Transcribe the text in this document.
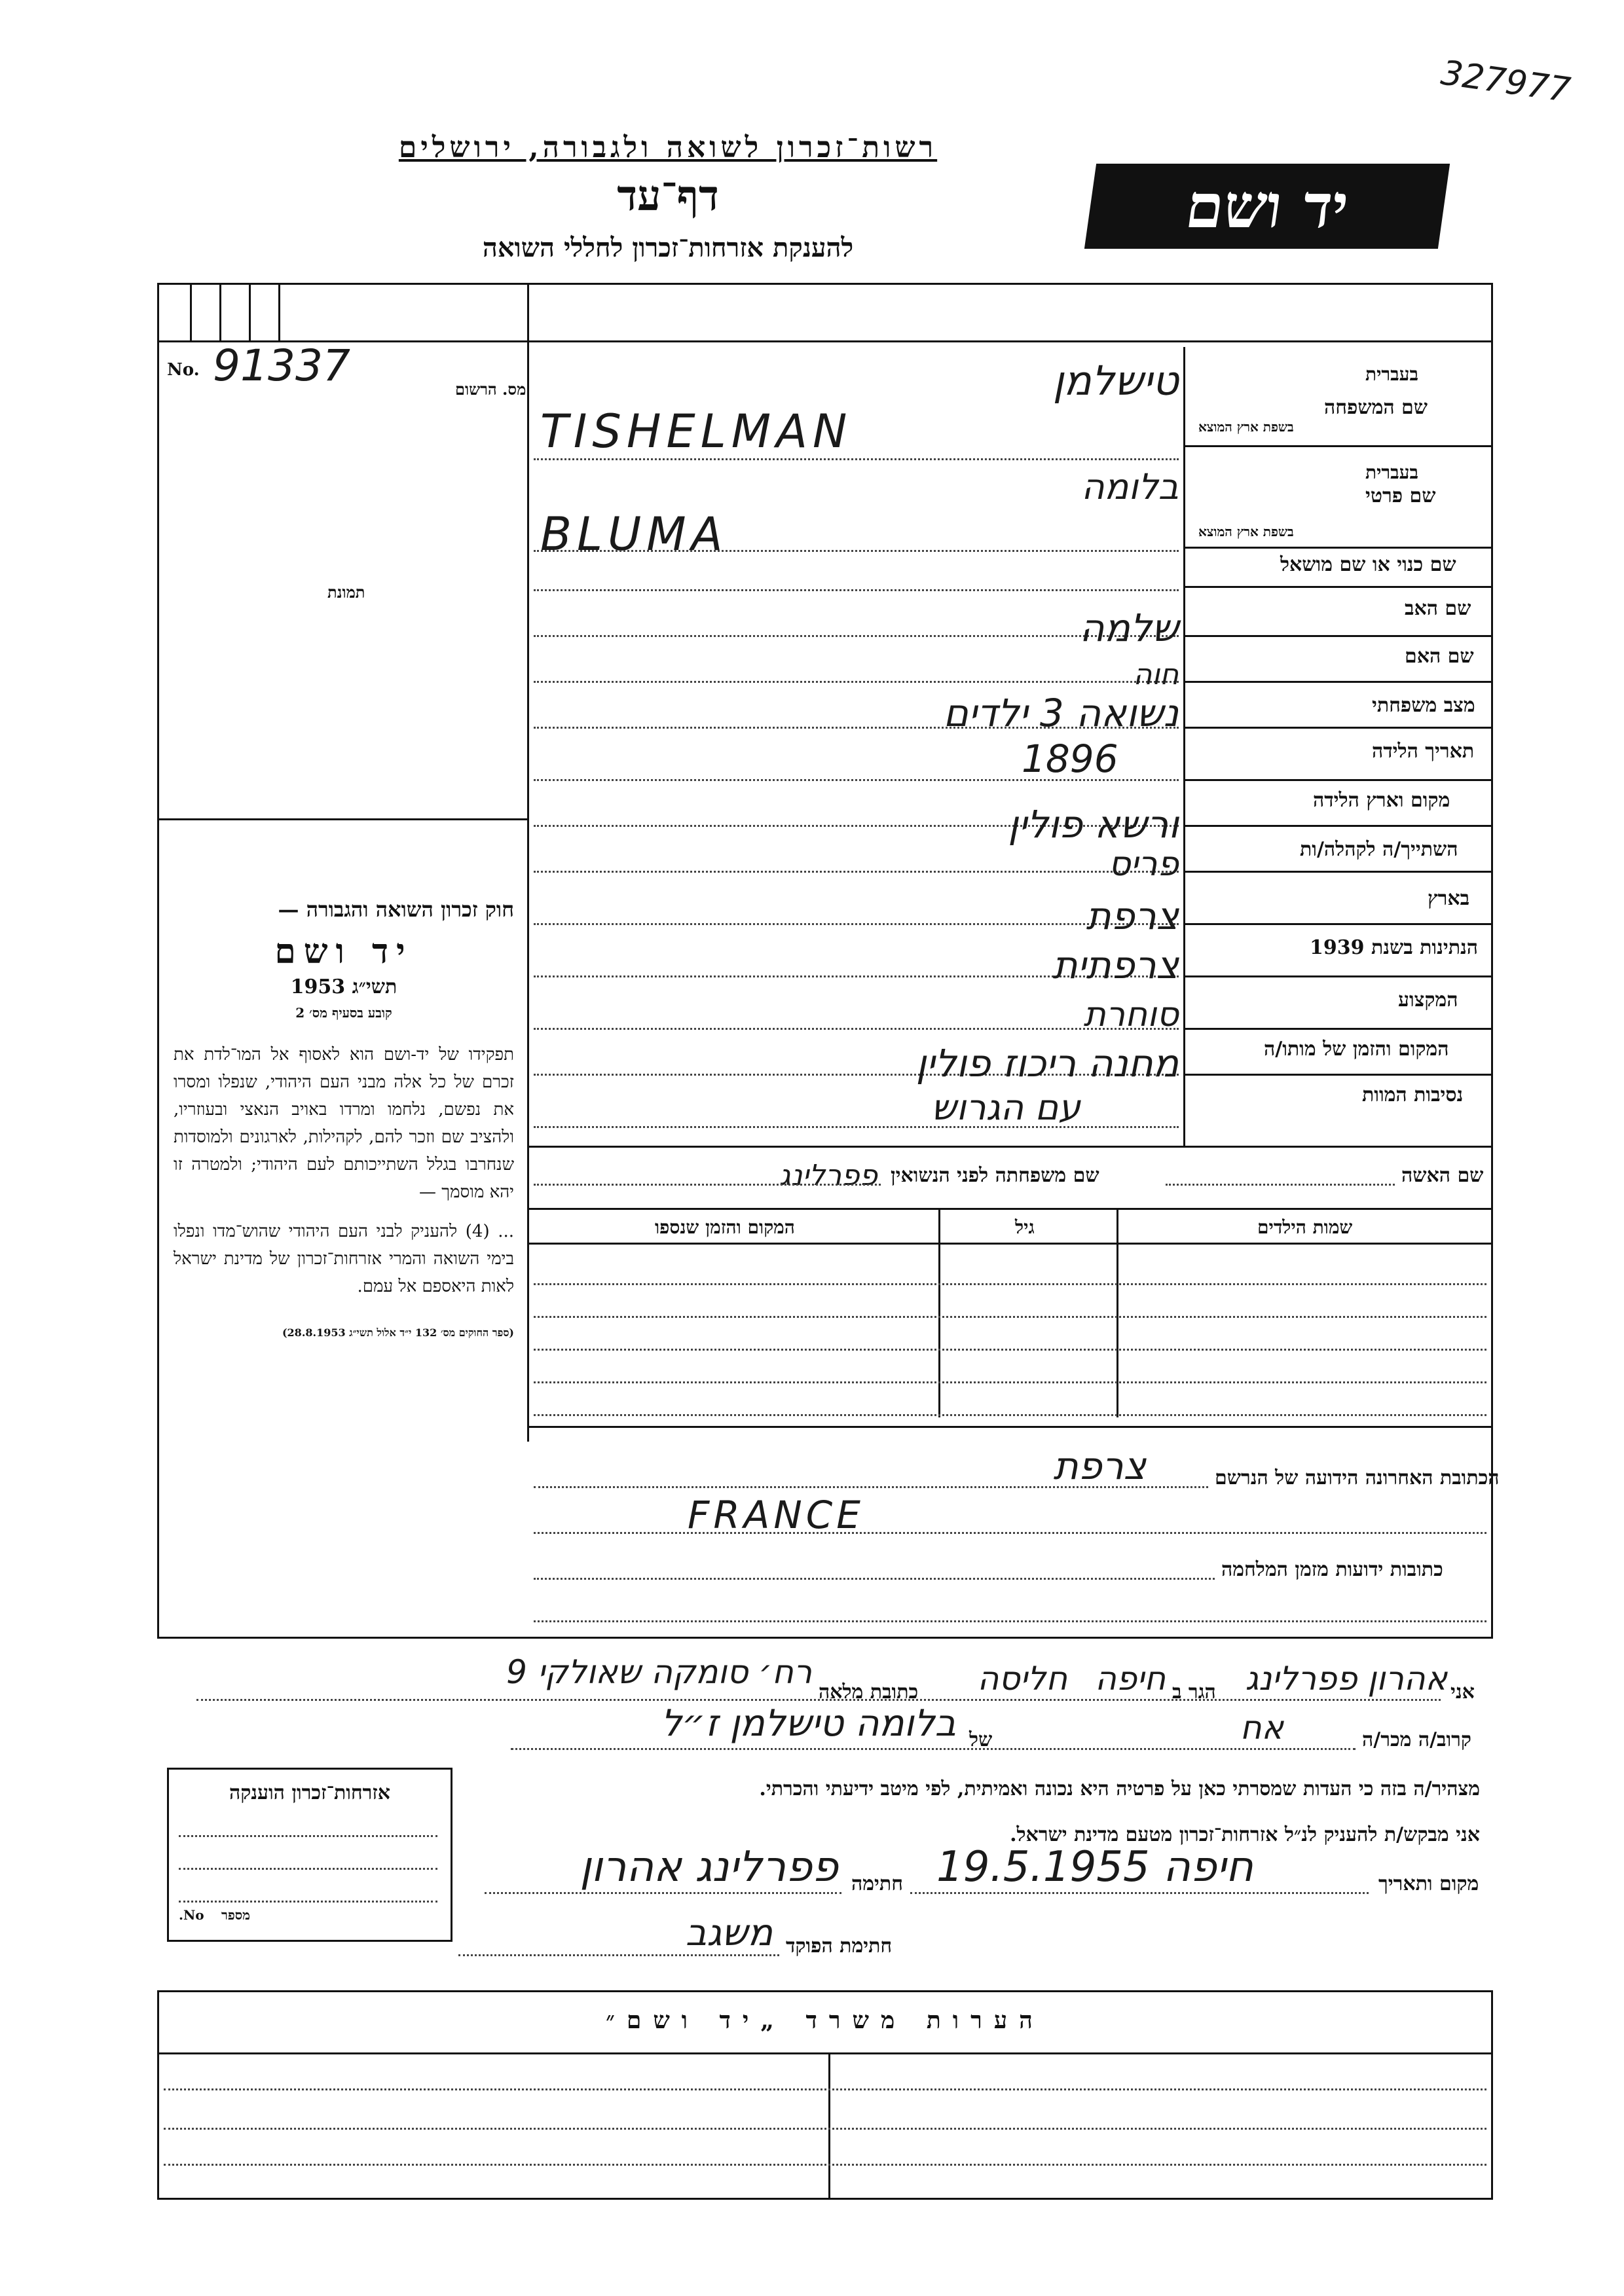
327977
רשות־זכרון לשואה ולגבורה, ירושלים
דף־עד
להענקת אזרחות־זכרון לחללי השואה
יד ושם
No. 91337	מס. הרשום
תמונת
חוק זכרון השואה והגבורה —
יד ושם
תשי״ג 1953
קובע בסעיף מס׳ 2
תפקידו של יד-ושם הוא לאסוף אל המו־לדת את זכרם של כל אלה מבני העם היהודי, שנפלו ומסרו את נפשם, נלחמו ומרדו באויב הנאצי ובעוזריו, ולהציב שם וזכר להם, לקהילות, לארגונים ולמוסדות שנחרבו בגלל השתייכותם לעם היהודי; ולמטרה זו יהא מוסמך —
... (4) להעניק לבני העם היהודי שהוש־מדו ונפלו בימי השואה והמרי אזרחות־זכרון של מדינת ישראל לאות היאספם אל עמם.
(ספר החוקים מס׳ 132 י״ד אלול תשי״ג 28.8.1953)
בעברית
שם המשפחה
בשפת ארץ המוצא
בעברית
שם פרטי
בשפת ארץ המוצא
שם כנוי או שם מושאל
שם האב
שם האם
מצב משפחתי
תאריך הלידה
מקום וארץ הלידה
השתייך/ה לקהלה/ות
בארץ
הנתינות בשנת 1939
המקצוע
המקום והזמן של מותו/ה
נסיבות המוות
טישלמן
TISHELMAN
בלומה
BLUMA
שלמה
חוה
נשואה 3 ילדים
1896
ורשא פולין
פריס
צרפת
צרפתית
סוחרת
מחנה ריכוז פולין
עם הגרוש
שם האשה
שם משפחתה לפני הנשואין
פפרלינג
שמות הילדים
גיל
המקום והזמן שנספו
הכתובת האחרונה הידועה של הנרשם
צרפת
FRANCE
כתובות ידועות מזמן המלחמה
אני
אהרון פפרלינג
הגר ב
חיפה
חליסה
כתובת מלאה
רח׳ סומקה שאולקי 9
קרוב/ה מכר/ה
אח
של
בלומה טישלמן ז״ל
מצהיר/ה בזה כי העדות שמסרתי כאן על פרטיה היא נכונה ואמיתית, לפי מיטב ידיעתי והכרתי.
אני מבקש/ת להעניק לנ״ל אזרחות־זכרון מטעם מדינת ישראל.
מקום ותאריך
חיפה 19.5.1955
חתימה
פפרלינג אהרון
חתימת הפוקד
משגב
אזרחות־זכרון הוענקה
No. מספר
הערות משרד „יד ושם״
